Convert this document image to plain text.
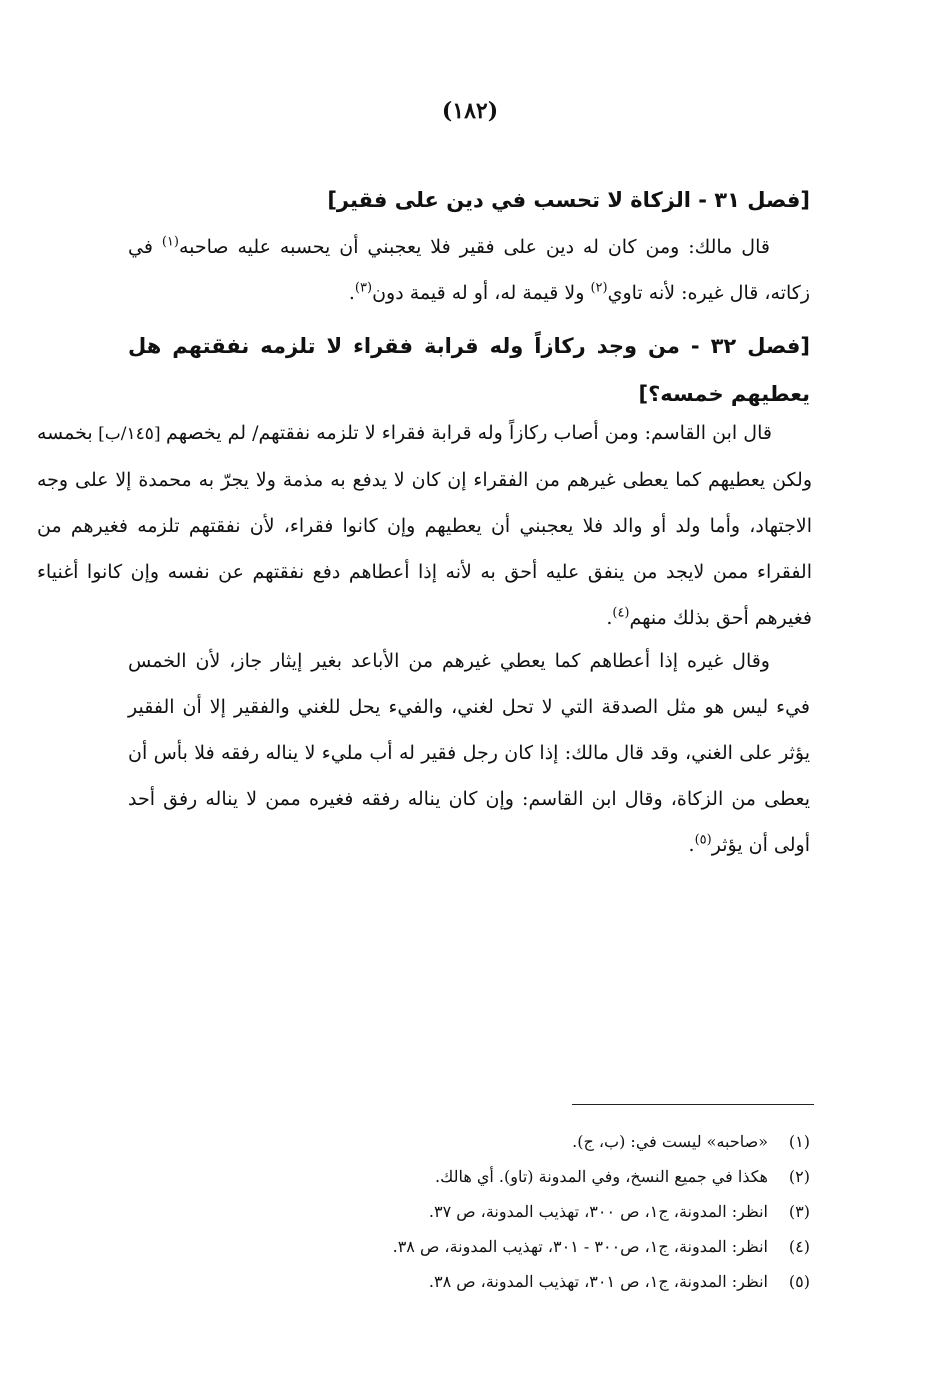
(١٨٢)

[فصل ٣١ - الزكاة لا تحسب في دين على فقير]

قال مالك: ومن كان له دين على فقير فلا يعجبني أن يحسبه عليه صاحبه$^{(١)}$ في زكاته، قال غيره: لأنه تاوي$^{(٢)}$ ولا قيمة له، أو له قيمة دون$^{(٣)}$.

[فصل ٣٢ - من وجد ركازاً وله قرابة فقراء لا تلزمه نفقتهم هل يعطيهم خمسه؟]

قال ابن القاسم: ومن أصاب ركازاً وله قرابة فقراء لا تلزمه نفقتهم/ لم يخصهم [١٤٥/ب] بخمسه ولكن يعطيهم كما يعطى غيرهم من الفقراء إن كان لا يدفع به مذمة ولا يجرّ به محمدة إلا على وجه الاجتهاد، وأما ولد أو والد فلا يعجبني أن يعطيهم وإن كانوا فقراء، لأن نفقتهم تلزمه فغيرهم من الفقراء ممن لايجد من ينفق عليه أحق به لأنه إذا أعطاهم دفع نفقتهم عن نفسه وإن كانوا أغنياء فغيرهم أحق بذلك منهم$^{(٤)}$.

وقال غيره إذا أعطاهم كما يعطي غيرهم من الأباعد بغير إيثار جاز، لأن الخمس فيء ليس هو مثل الصدقة التي لا تحل لغني، والفيء يحل للغني والفقير إلا أن الفقير يؤثر على الغني، وقد قال مالك: إذا كان رجل فقير له أب مليء لا يناله رفقه فلا بأس أن يعطى من الزكاة، وقال ابن القاسم: وإن كان يناله رفقه فغيره ممن لا يناله رفق أحد أولى أن يؤثر$^{(٥)}$.

(١)«صاحبه» ليست في: (ب، ج).
(٢)هكذا في جميع النسخ، وفي المدونة (تاو). أي هالك.
(٣)انظر: المدونة، ج١، ص ٣٠٠، تهذيب المدونة، ص ٣٧.
(٤)انظر: المدونة، ج١، ص٣٠٠ - ٣٠١، تهذيب المدونة، ص ٣٨.
(٥)انظر: المدونة، ج١، ص ٣٠١، تهذيب المدونة، ص ٣٨.
